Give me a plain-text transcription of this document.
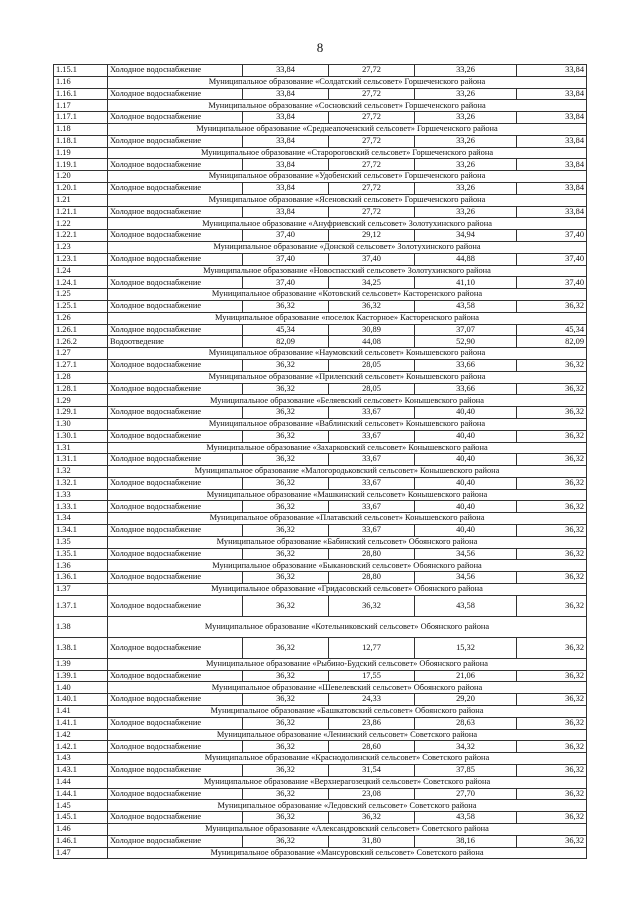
8
1.15.1	Холодное водоснабжение	33,84	27,72	33,26	33,84
1.16	Муниципальное образование «Солдатский сельсовет» Горшеченского района				
1.16.1	Холодное водоснабжение	33,84	27,72	33,26	33,84
1.17	Муниципальное образование «Сосновский сельсовет» Горшеченского района				
1.17.1	Холодное водоснабжение	33,84	27,72	33,26	33,84
1.18	Муниципальное образование «Среднеапоченский сельсовет» Горшеченского района				
1.18.1	Холодное водоснабжение	33,84	27,72	33,26	33,84
1.19	Муниципальное образование «Старороговский сельсовет» Горшеченского района				
1.19.1	Холодное водоснабжение	33,84	27,72	33,26	33,84
1.20	Муниципальное образование «Удобенский сельсовет» Горшеченского района				
1.20.1	Холодное водоснабжение	33,84	27,72	33,26	33,84
1.21	Муниципальное образование «Ясеновский сельсовет» Горшеченского района				
1.21.1	Холодное водоснабжение	33,84	27,72	33,26	33,84
1.22	Муниципальное образование «Ануфриевский сельсовет» Золотухинского района				
1.22.1	Холодное водоснабжение	37,40	29,12	34,94	37,40
1.23	Муниципальное образование «Донской сельсовет» Золотухинского района				
1.23.1	Холодное водоснабжение	37,40	37,40	44,88	37,40
1.24	Муниципальное образование «Новоспасский сельсовет» Золотухинского района				
1.24.1	Холодное водоснабжение	37,40	34,25	41,10	37,40
1.25	Муниципальное образование «Котовский сельсовет» Касторенского района				
1.25.1	Холодное водоснабжение	36,32	36,32	43,58	36,32
1.26	Муниципальное образование «поселок Касторное» Касторенского района				
1.26.1	Холодное водоснабжение	45,34	30,89	37,07	45,34
1.26.2	Водоотведение	82,09	44,08	52,90	82,09
1.27	Муниципальное образование «Наумовский сельсовет» Конышевского района				
1.27.1	Холодное водоснабжение	36,32	28,05	33,66	36,32
1.28	Муниципальное образование «Прилепский сельсовет» Конышевского района				
1.28.1	Холодное водоснабжение	36,32	28,05	33,66	36,32
1.29	Муниципальное образование «Беляевский сельсовет» Конышевского района				
1.29.1	Холодное водоснабжение	36,32	33,67	40,40	36,32
1.30	Муниципальное образование «Ваблинский сельсовет» Конышевского района				
1.30.1	Холодное водоснабжение	36,32	33,67	40,40	36,32
1.31	Муниципальное образование «Захарковский сельсовет» Конышевского района				
1.31.1	Холодное водоснабжение	36,32	33,67	40,40	36,32
1.32	Муниципальное образование «Малогородьковский сельсовет» Конышевского района				
1.32.1	Холодное водоснабжение	36,32	33,67	40,40	36,32
1.33	Муниципальное образование «Машкинский сельсовет» Конышевского района				
1.33.1	Холодное водоснабжение	36,32	33,67	40,40	36,32
1.34	Муниципальное образование «Платавский сельсовет» Конышевского района				
1.34.1	Холодное водоснабжение	36,32	33,67	40,40	36,32
1.35	Муниципальное образование «Бабинский сельсовет» Обоянского района				
1.35.1	Холодное водоснабжение	36,32	28,80	34,56	36,32
1.36	Муниципальное образование «Быкановский сельсовет» Обоянского района				
1.36.1	Холодное водоснабжение	36,32	28,80	34,56	36,32
1.37	Муниципальное образование «Гридасовский сельсовет» Обоянского района				
1.37.1	Холодное водоснабжение	36,32	36,32	43,58	36,32
1.38	Муниципальное образование «Котельниковский сельсовет» Обоянского района				
1.38.1	Холодное водоснабжение	36,32	12,77	15,32	36,32
1.39	Муниципальное образование «Рыбино-Будский сельсовет» Обоянского района				
1.39.1	Холодное водоснабжение	36,32	17,55	21,06	36,32
1.40	Муниципальное образование «Шевелевский сельсовет» Обоянского района				
1.40.1	Холодное водоснабжение	36,32	24,33	29,20	36,32
1.41	Муниципальное образование «Башкатовский сельсовет» Обоянского района				
1.41.1	Холодное водоснабжение	36,32	23,86	28,63	36,32
1.42	Муниципальное образование «Ленинский сельсовет» Советского района				
1.42.1	Холодное водоснабжение	36,32	28,60	34,32	36,32
1.43	Муниципальное образование «Краснодолинский сельсовет» Советского района				
1.43.1	Холодное водоснабжение	36,32	31,54	37,85	36,32
1.44	Муниципальное образование «Верхнерагозецкий сельсовет» Советского района				
1.44.1	Холодное водоснабжение	36,32	23,08	27,70	36,32
1.45	Муниципальное образование «Ледовский сельсовет» Советского района				
1.45.1	Холодное водоснабжение	36,32	36,32	43,58	36,32
1.46	Муниципальное образование «Александровский сельсовет» Советского района				
1.46.1	Холодное водоснабжение	36,32	31,80	38,16	36,32
1.47	Муниципальное образование «Мансуровский сельсовет» Советского района				
